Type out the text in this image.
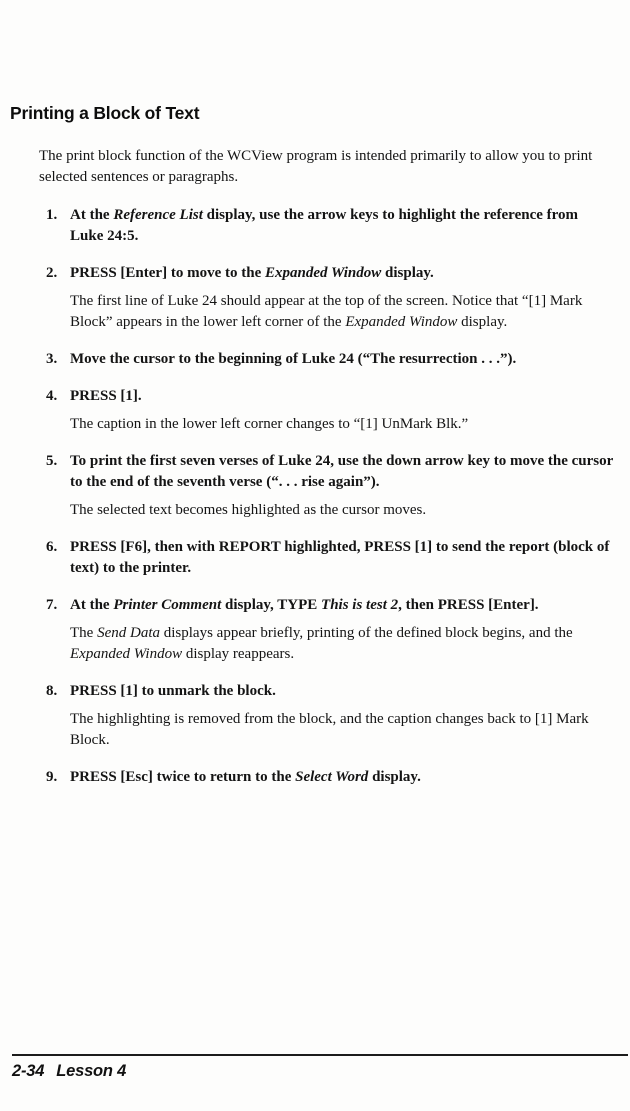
Printing a Block of Text

The print block function of the WCView program is intended primarily to allow you to print selected sentences or paragraphs.

1. At the Reference List display, use the arrow keys to highlight the reference from Luke 24:5.

2. PRESS [Enter] to move to the Expanded Window display.

The first line of Luke 24 should appear at the top of the screen. Notice that “[1] Mark Block” appears in the lower left corner of the Expanded Window display.

3. Move the cursor to the beginning of Luke 24 (“The resurrection . . .”).

4. PRESS [1].

The caption in the lower left corner changes to “[1] UnMark Blk.”

5. To print the first seven verses of Luke 24, use the down arrow key to move the cursor to the end of the seventh verse (“. . . rise again”).

The selected text becomes highlighted as the cursor moves.

6. PRESS [F6], then with REPORT highlighted, PRESS [1] to send the report (block of text) to the printer.

7. At the Printer Comment display, TYPE This is test 2, then PRESS [Enter].

The Send Data displays appear briefly, printing of the defined block begins, and the Expanded Window display reappears.

8. PRESS [1] to unmark the block.

The highlighting is removed from the block, and the caption changes back to [1] Mark Block.

9. PRESS [Esc] twice to return to the Select Word display.

2-34 Lesson 4
